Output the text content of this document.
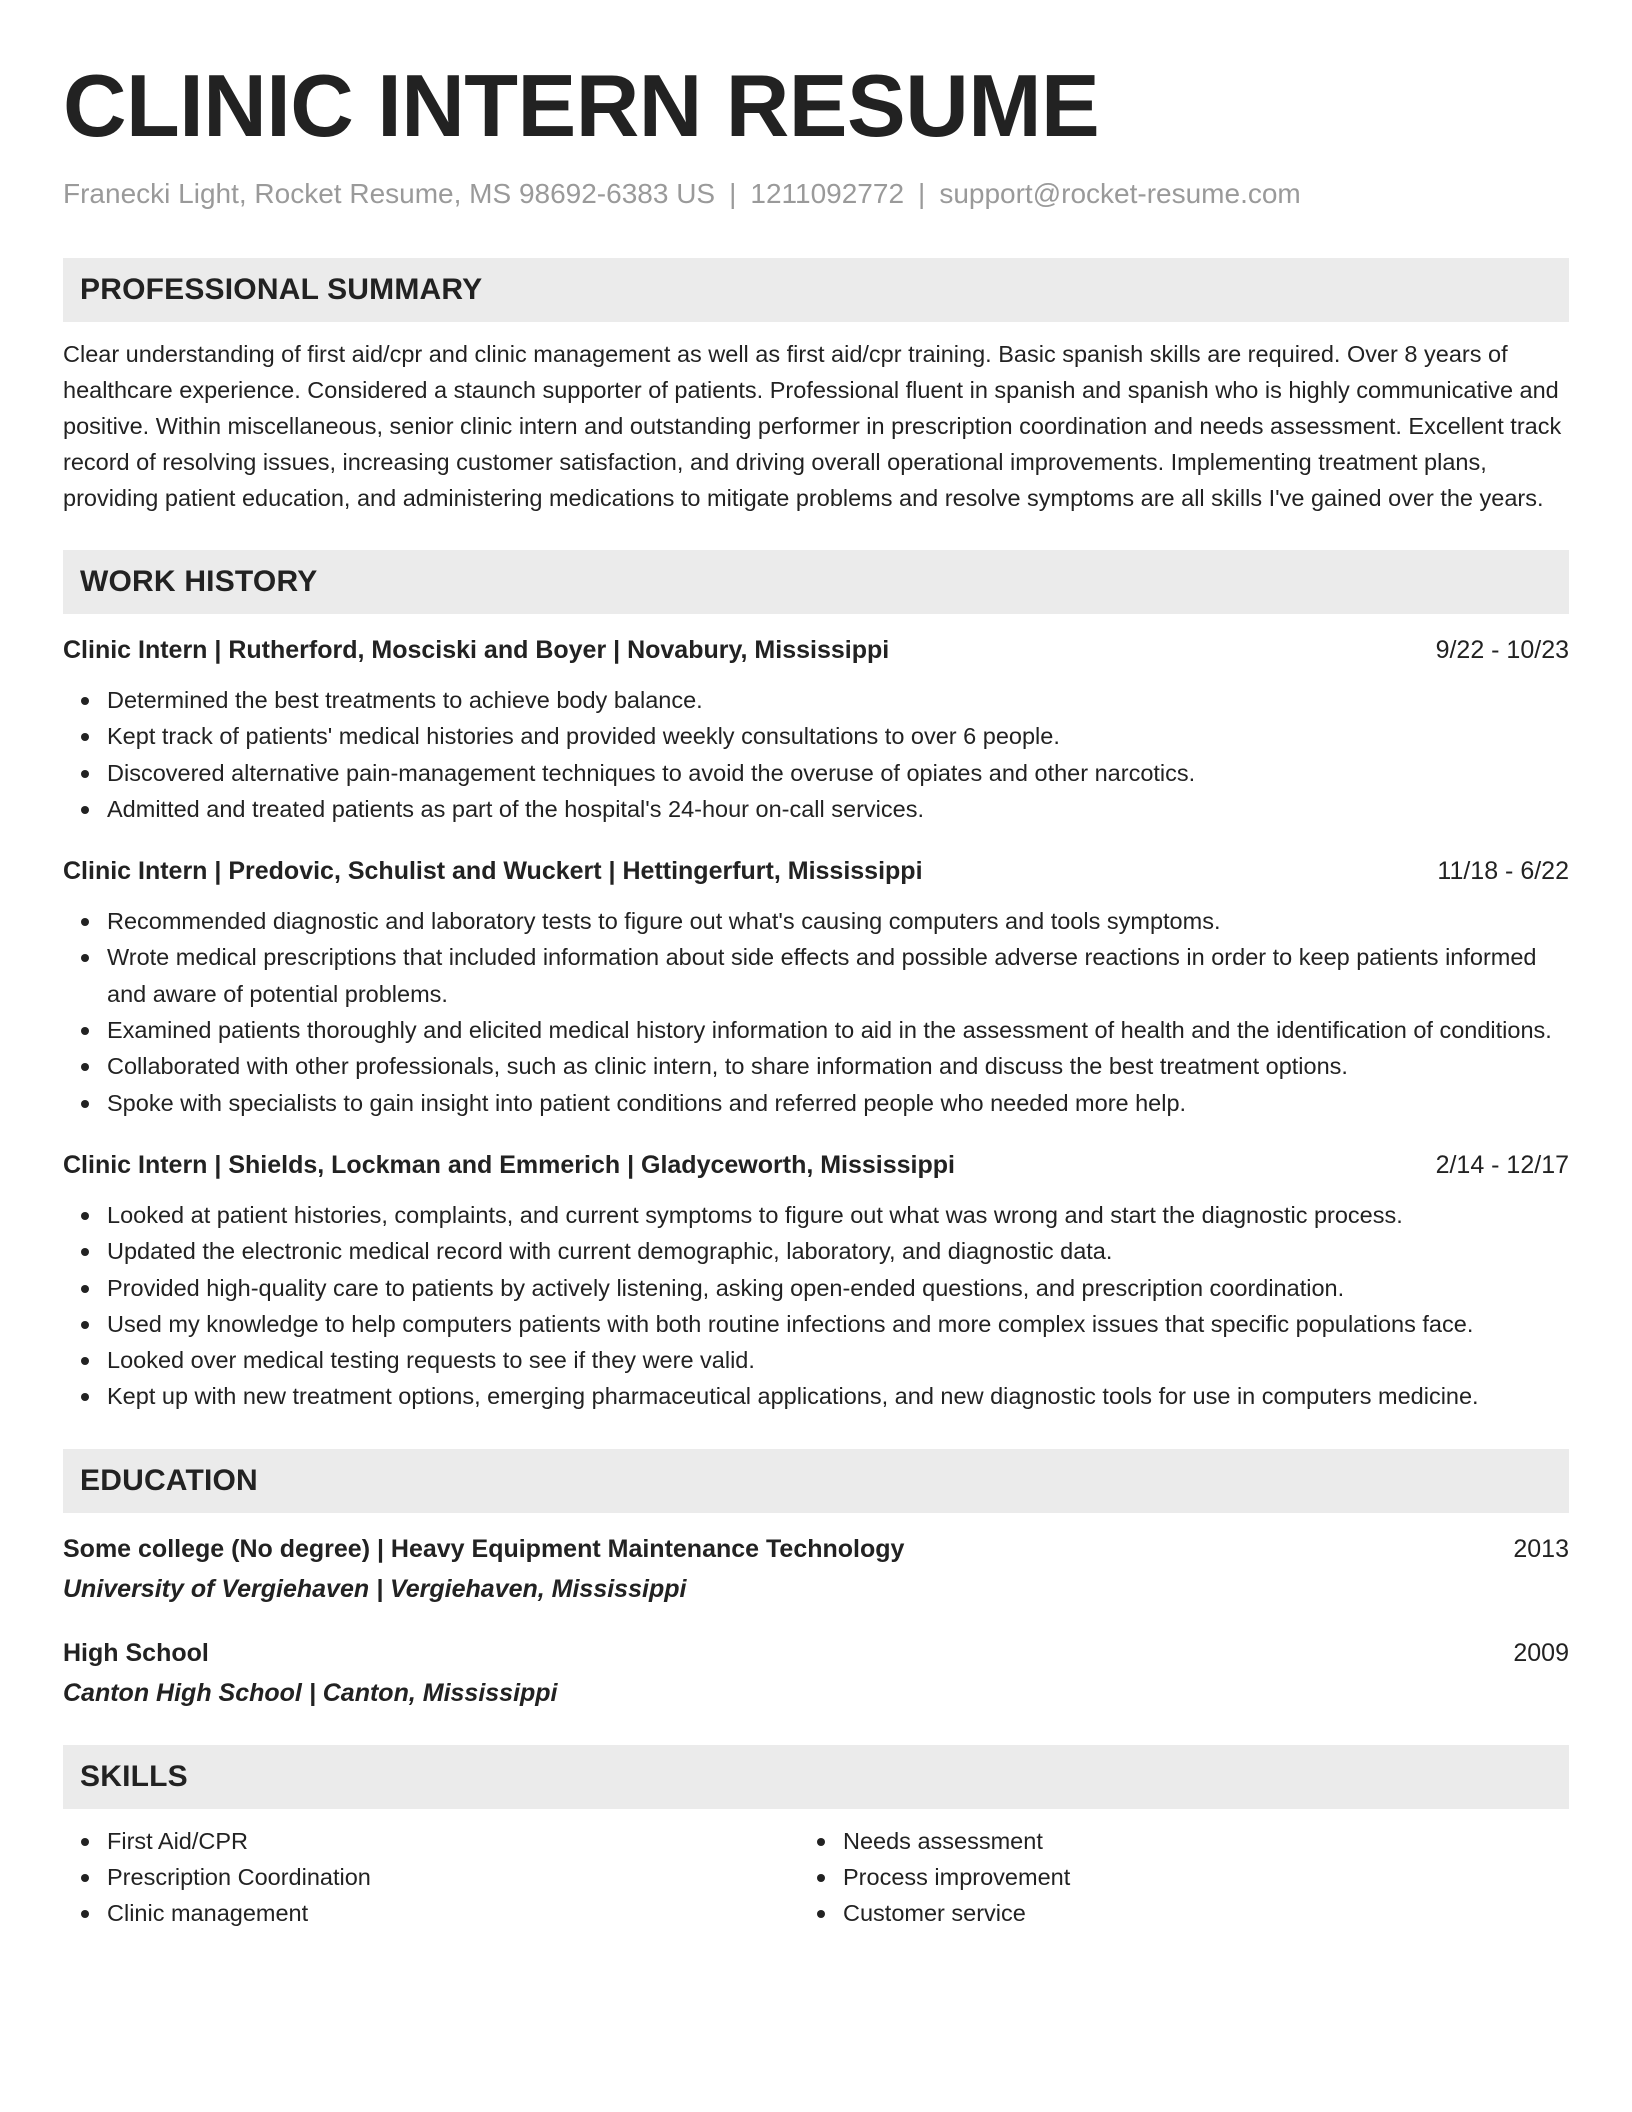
CLINIC INTERN RESUME
Franecki Light, Rocket Resume, MS 98692-6383 US | 1211092772 | support@rocket-resume.com
PROFESSIONAL SUMMARY

Clear understanding of first aid/cpr and clinic management as well as first aid/cpr training. Basic spanish skills are required. Over 8 years of healthcare experience. Considered a staunch supporter of patients. Professional fluent in spanish and spanish who is highly communicative and positive. Within miscellaneous, senior clinic intern and outstanding performer in prescription coordination and needs assessment. Excellent track record of resolving issues, increasing customer satisfaction, and driving overall operational improvements. Implementing treatment plans, providing patient education, and administering medications to mitigate problems and resolve symptoms are all skills I've gained over the years.

WORK HISTORY
Clinic Intern | Rutherford, Mosciski and Boyer | Novabury, Mississippi	9/22 - 10/23
Determined the best treatments to achieve body balance.
Kept track of patients' medical histories and provided weekly consultations to over 6 people.
Discovered alternative pain-management techniques to avoid the overuse of opiates and other narcotics.
Admitted and treated patients as part of the hospital's 24-hour on-call services.
Clinic Intern | Predovic, Schulist and Wuckert | Hettingerfurt, Mississippi	11/18 - 6/22
Recommended diagnostic and laboratory tests to figure out what's causing computers and tools symptoms.
Wrote medical prescriptions that included information about side effects and possible adverse reactions in order to keep patients informed and aware of potential problems.
Examined patients thoroughly and elicited medical history information to aid in the assessment of health and the identification of conditions.
Collaborated with other professionals, such as clinic intern, to share information and discuss the best treatment options.
Spoke with specialists to gain insight into patient conditions and referred people who needed more help.
Clinic Intern | Shields, Lockman and Emmerich | Gladyceworth, Mississippi	2/14 - 12/17
Looked at patient histories, complaints, and current symptoms to figure out what was wrong and start the diagnostic process.
Updated the electronic medical record with current demographic, laboratory, and diagnostic data.
Provided high-quality care to patients by actively listening, asking open-ended questions, and prescription coordination.
Used my knowledge to help computers patients with both routine infections and more complex issues that specific populations face.
Looked over medical testing requests to see if they were valid.
Kept up with new treatment options, emerging pharmaceutical applications, and new diagnostic tools for use in computers medicine.
EDUCATION
Some college (No degree) | Heavy Equipment Maintenance Technology	2013
University of Vergiehaven | Vergiehaven, Mississippi
High School	2009
Canton High School | Canton, Mississippi
SKILLS
First Aid/CPR
Prescription Coordination
Clinic management
Needs assessment
Process improvement
Customer service
